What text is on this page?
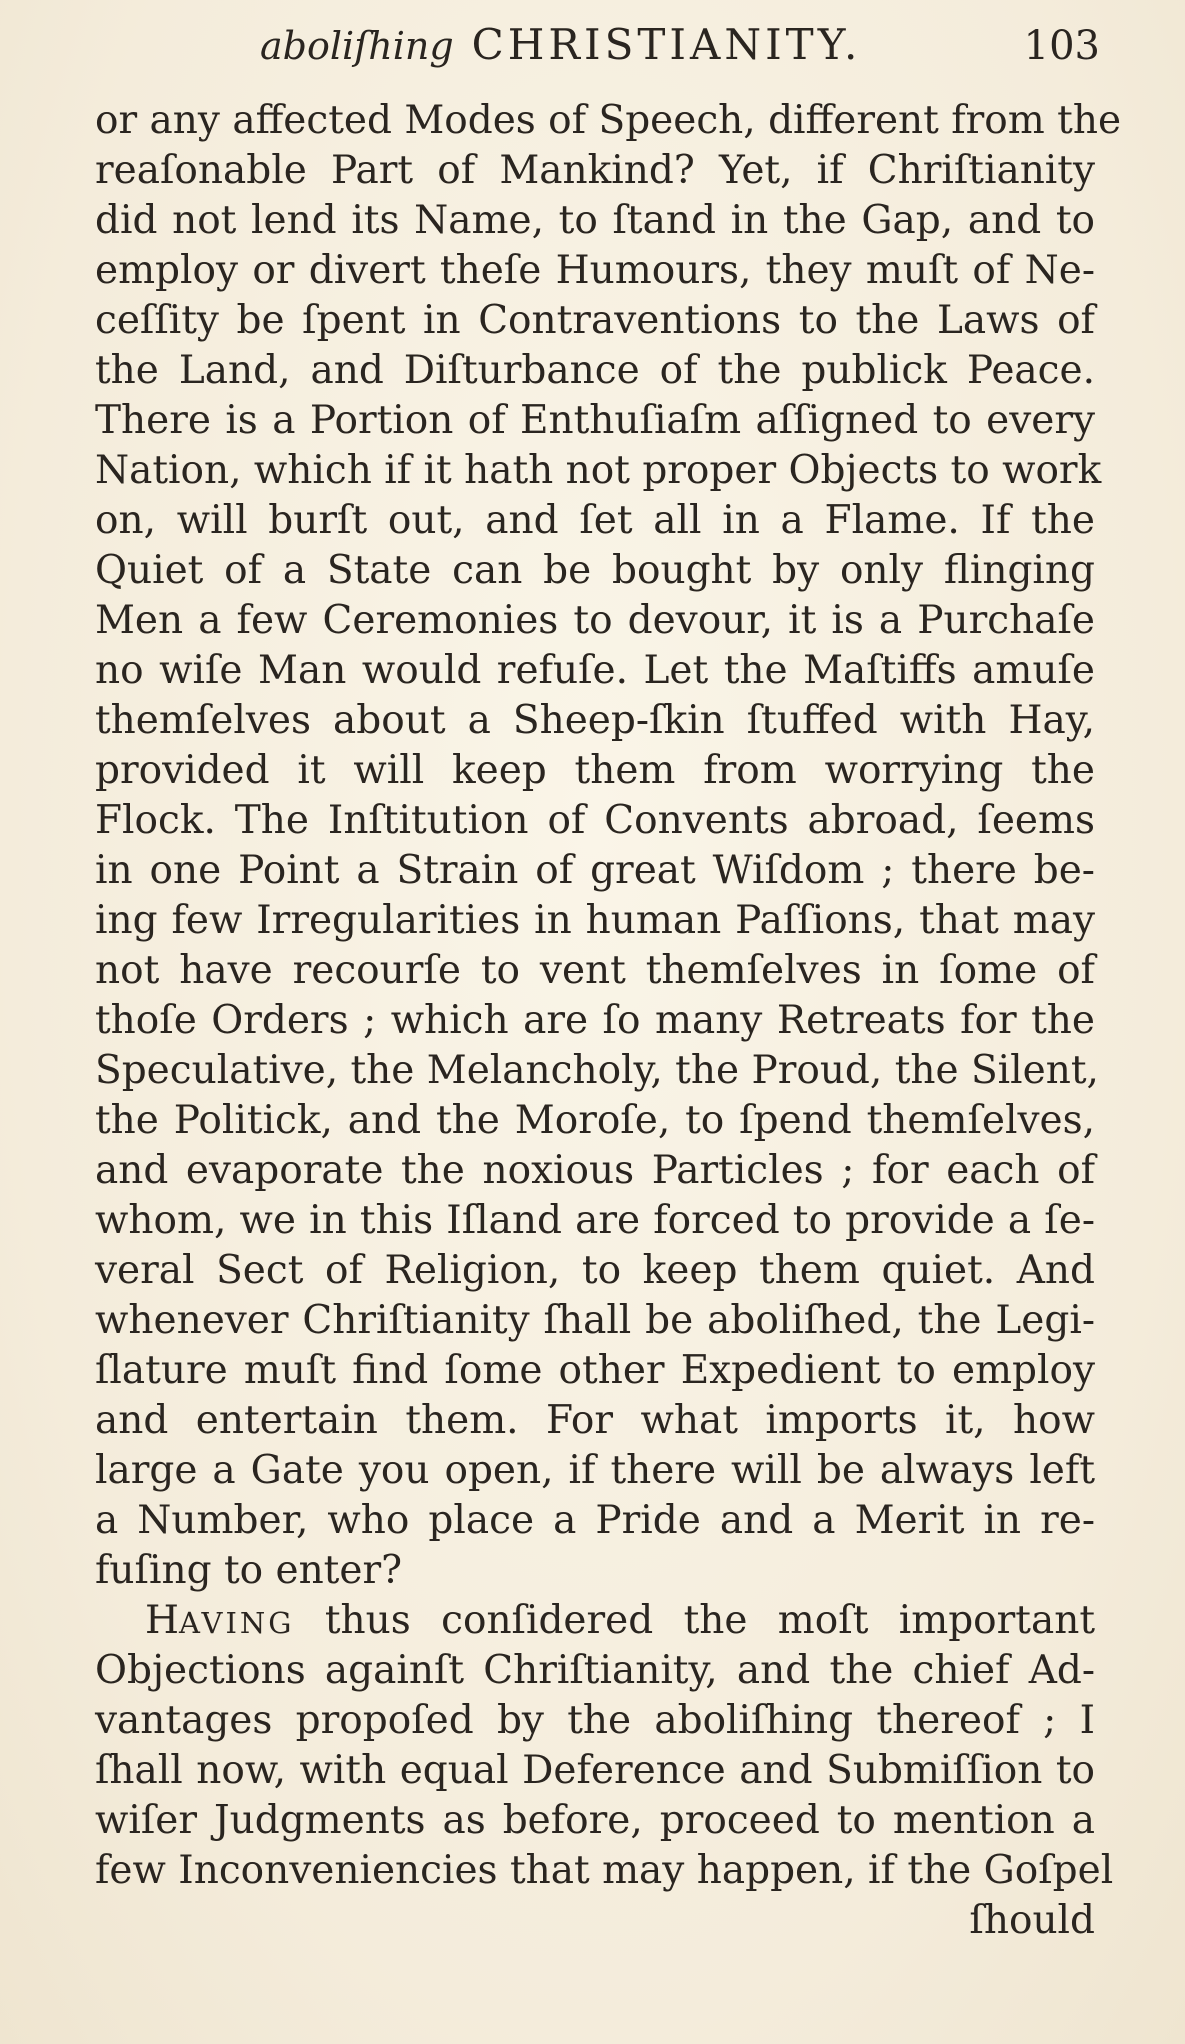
aboliſhing CHRISTIANITY.	103
or any affected Modes of Speech, different from the
reaſonable Part of Mankind? Yet, if Chriſtianity
did not lend its Name, to ſtand in the Gap, and to
employ or divert theſe Humours, they muſt of Ne-
ceſſity be ſpent in Contraventions to the Laws of
the Land, and Diſturbance of the publick Peace.
There is a Portion of Enthuſiaſm aſſigned to every
Nation, which if it hath not proper Objects to work
on, will burſt out, and ſet all in a Flame. If the
Quiet of a State can be bought by only flinging
Men a few Ceremonies to devour, it is a Purchaſe
no wiſe Man would refuſe. Let the Maſtiffs amuſe
themſelves about a Sheep-ſkin ſtuffed with Hay,
provided it will keep them from worrying the
Flock. The Inſtitution of Convents abroad, ſeems
in one Point a Strain of great Wiſdom ; there be-
ing few Irregularities in human Paſſions, that may
not have recourſe to vent themſelves in ſome of
thoſe Orders ; which are ſo many Retreats for the
Speculative, the Melancholy, the Proud, the Silent,
the Politick, and the Moroſe, to ſpend themſelves,
and evaporate the noxious Particles ; for each of
whom, we in this Iſland are forced to provide a ſe-
veral Sect of Religion, to keep them quiet. And
whenever Chriſtianity ſhall be aboliſhed, the Legi-
ſlature muſt find ſome other Expedient to employ
and entertain them. For what imports it, how
large a Gate you open, if there will be always left
a Number, who place a Pride and a Merit in re-
fuſing to enter?
HAVING thus conſidered the moſt important
Objections againſt Chriſtianity, and the chief Ad-
vantages propoſed by the aboliſhing thereof ; I
ſhall now, with equal Deference and Submiſſion to
wiſer Judgments as before, proceed to mention a
few Inconveniencies that may happen, if the Goſpel
ſhould
